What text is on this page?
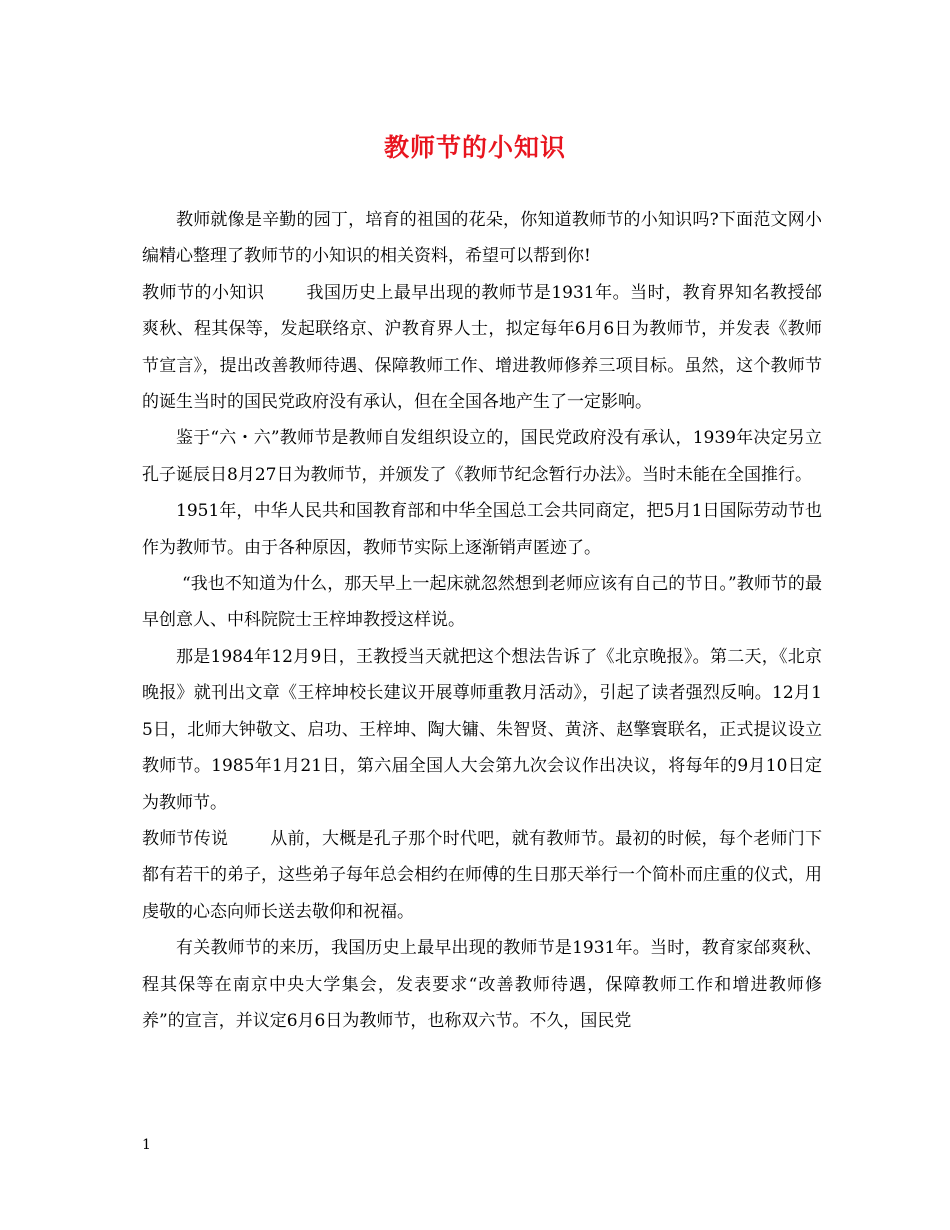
教师节的小知识

教师就像是辛勤的园丁，培育的祖国的花朵，你知道教师节的小知识吗?下面范文网小编精心整理了教师节的小知识的相关资料，希望可以帮到你!

教师节的小知识 我国历史上最早出现的教师节是1931年。当时，教育界知名教授邰爽秋、程其保等，发起联络京、沪教育界人士，拟定每年6月6日为教师节，并发表《教师节宣言》，提出改善教师待遇、保障教师工作、增进教师修养三项目标。虽然，这个教师节的诞生当时的国民党政府没有承认，但在全国各地产生了一定影响。

鉴于“六・六”教师节是教师自发组织设立的，国民党政府没有承认，1939年决定另立孔子诞辰日8月27日为教师节，并颁发了《教师节纪念暂行办法》。当时未能在全国推行。

1951年，中华人民共和国教育部和中华全国总工会共同商定，把5月1日国际劳动节也作为教师节。由于各种原因，教师节实际上逐渐销声匿迹了。

“我也不知道为什么，那天早上一起床就忽然想到老师应该有自己的节日。”教师节的最早创意人、中科院院士王梓坤教授这样说。

那是1984年12月9日，王教授当天就把这个想法告诉了《北京晚报》。第二天，《北京晚报》就刊出文章《王梓坤校长建议开展尊师重教月活动》，引起了读者强烈反响。12月15日，北师大钟敬文、启功、王梓坤、陶大镛、朱智贤、黄济、赵擎寰联名，正式提议设立教师节。1985年1月21日，第六届全国人大会第九次会议作出决议，将每年的9月10日定为教师节。

教师节传说 从前，大概是孔子那个时代吧，就有教师节。最初的时候，每个老师门下都有若干的弟子，这些弟子每年总会相约在师傅的生日那天举行一个简朴而庄重的仪式，用虔敬的心态向师长送去敬仰和祝福。

有关教师节的来历，我国历史上最早出现的教师节是1931年。当时，教育家邰爽秋、程其保等在南京中央大学集会，发表要求“改善教师待遇，保障教师工作和增进教师修养”的宣言，并议定6月6日为教师节，也称双六节。不久，国民党

1
